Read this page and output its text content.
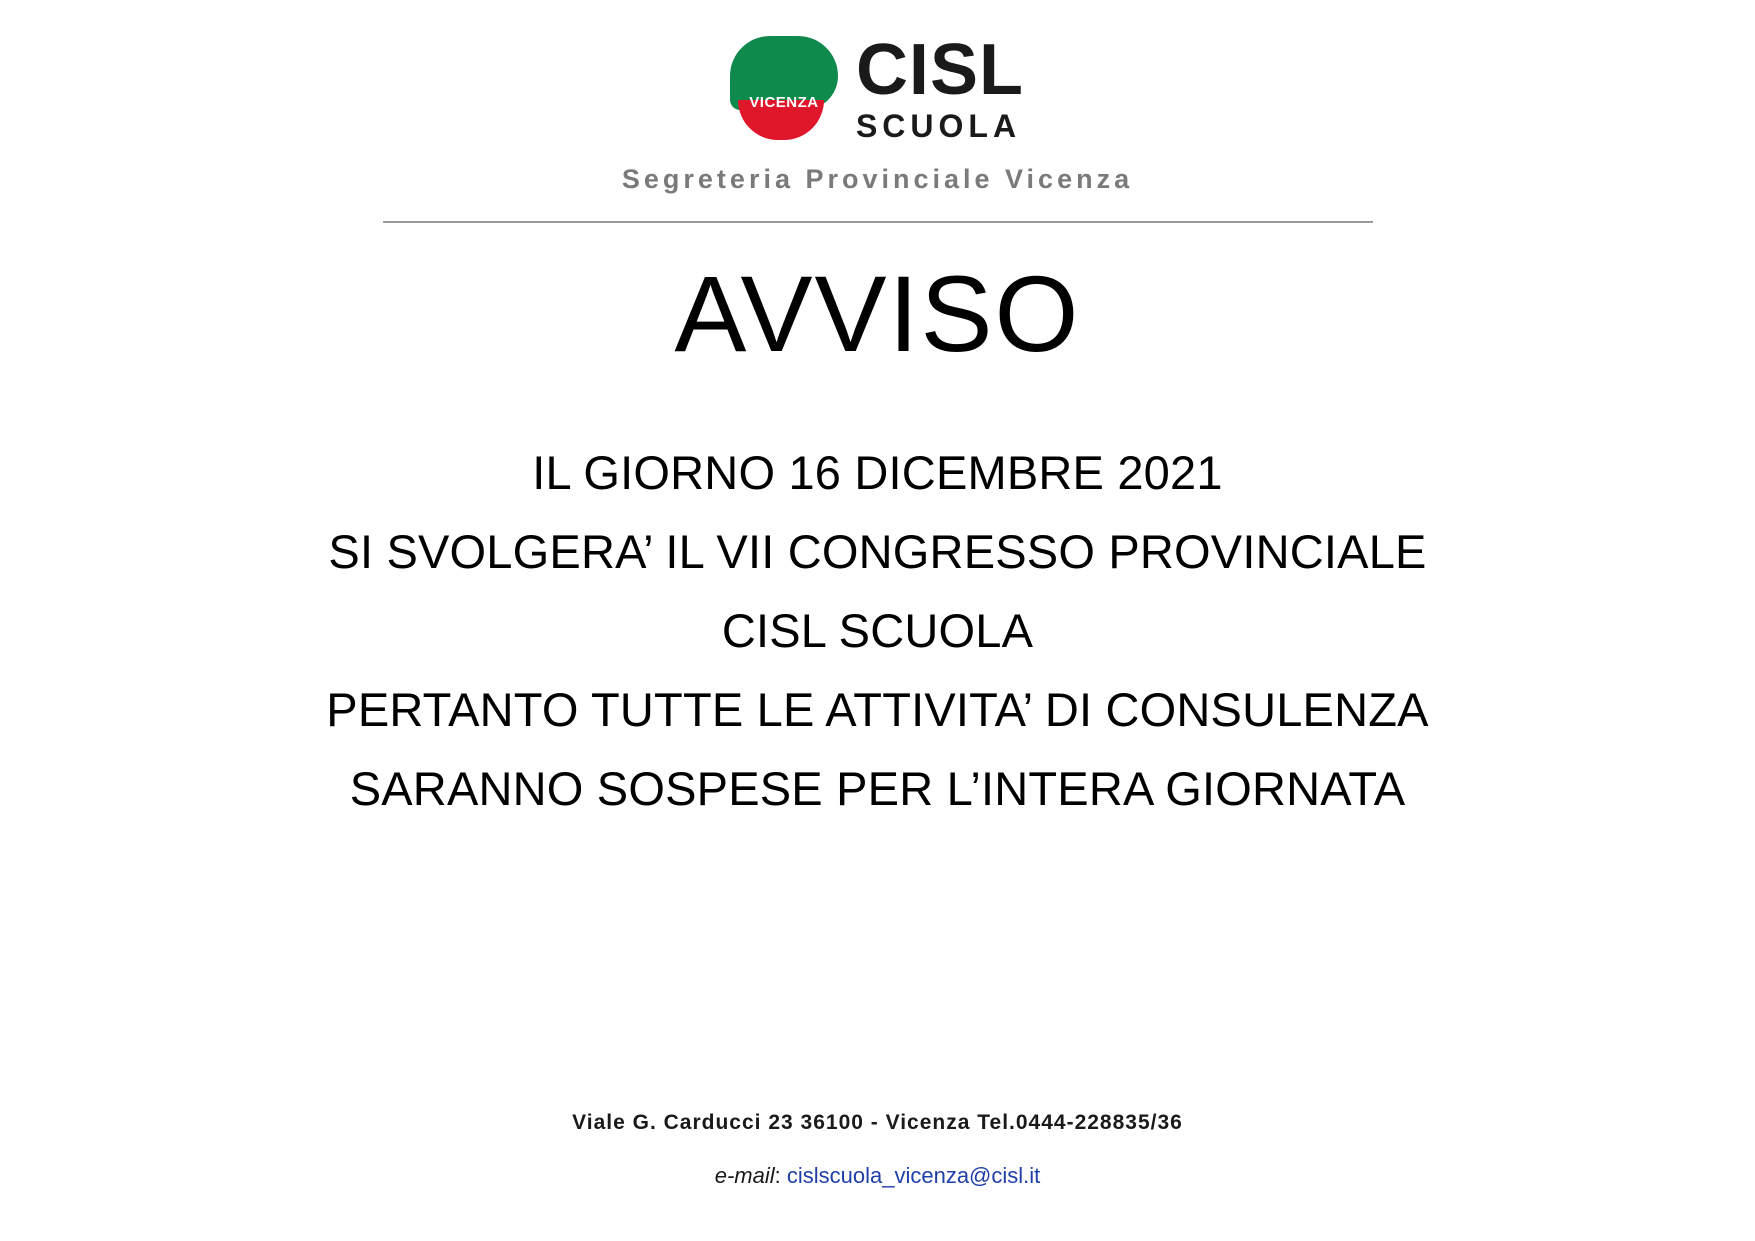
VICENZA CISL
SCUOLA
Segreteria Provinciale Vicenza
AVVISO
IL GIORNO 16 DICEMBRE 2021
SI SVOLGERA’ IL VII CONGRESSO PROVINCIALE
CISL SCUOLA
PERTANTO TUTTE LE ATTIVITA’ DI CONSULENZA
SARANNO SOSPESE PER L’INTERA GIORNATA
Viale G. Carducci 23 36100 - Vicenza Tel.0444-228835/36
e-mail: cislscuola_vicenza@cisl.it
